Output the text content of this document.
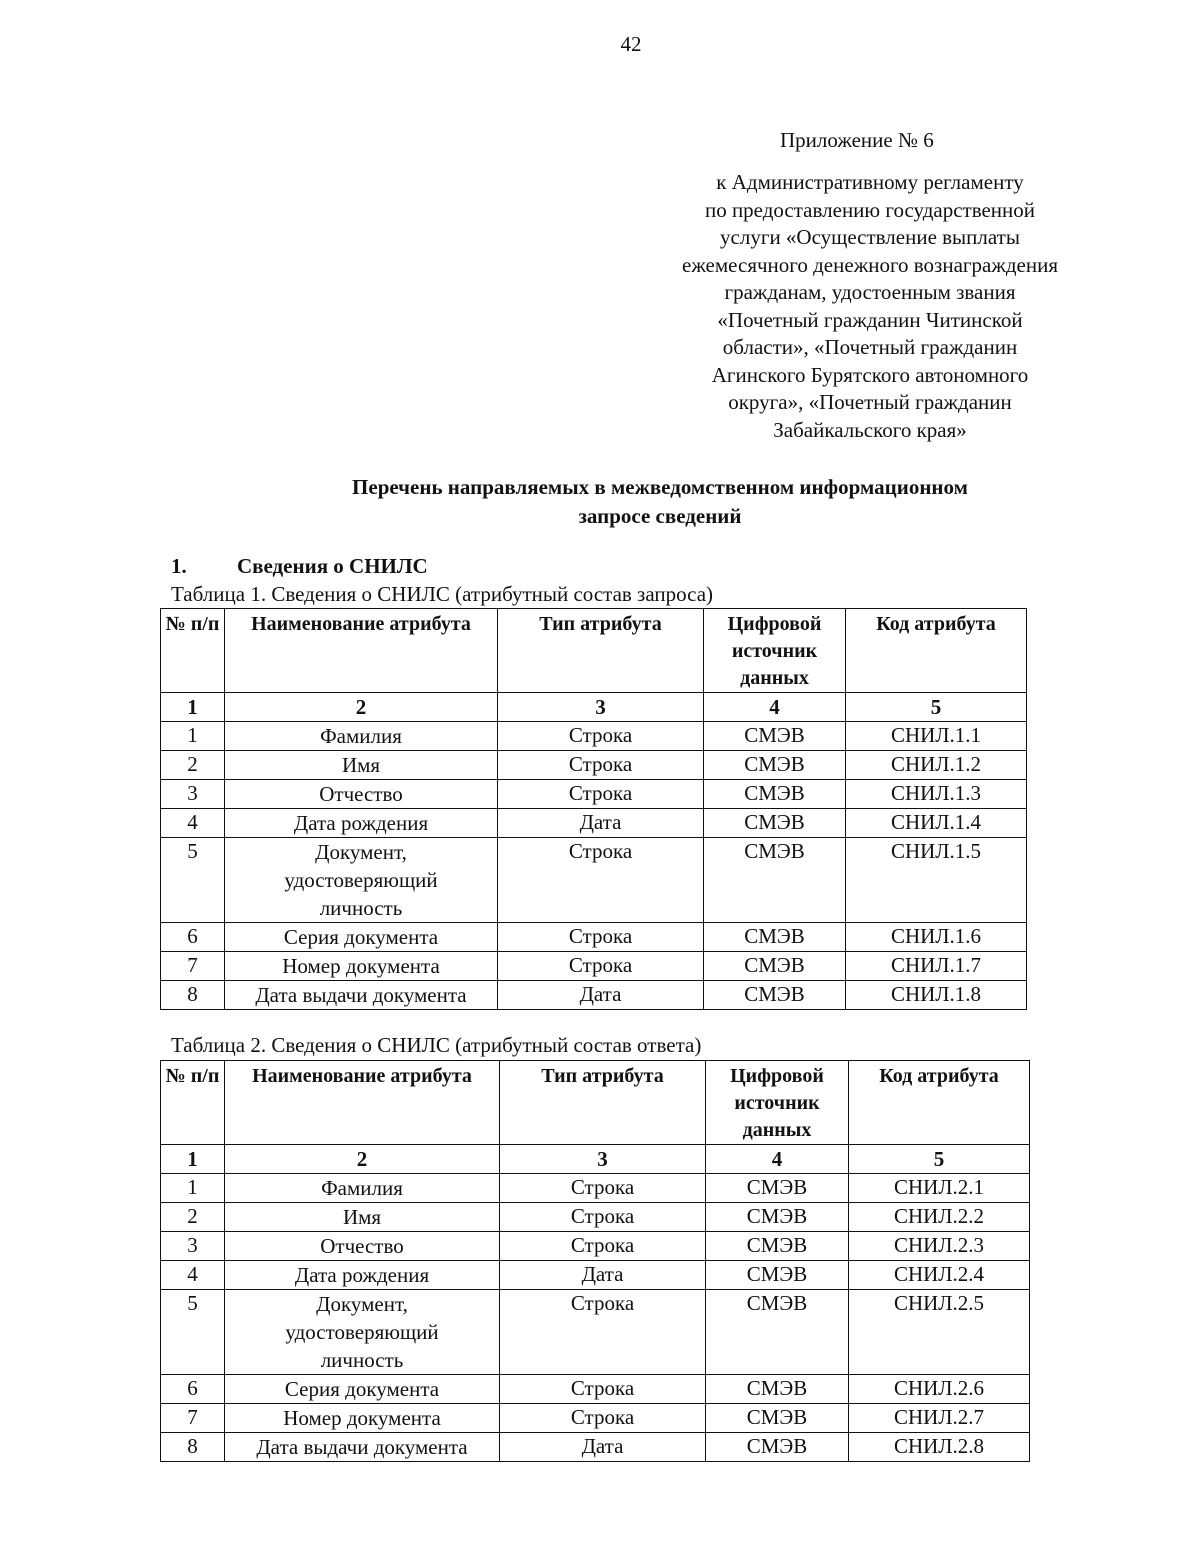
42
Приложение № 6
к Административному регламенту
по предоставлению государственной
услуги «Осуществление выплаты
ежемесячного денежного вознаграждения
гражданам, удостоенным звания
«Почетный гражданин Читинской
области», «Почетный гражданин
Агинского Бурятского автономного
округа», «Почетный гражданин
Забайкальского края»
Перечень направляемых в межведомственном информационном
запросе сведений
1. Сведения о СНИЛС
Таблица 1. Сведения о СНИЛС (атрибутный состав запроса)
№ п/п	Наименование атрибута	Тип атрибута	Цифровой источник данных	Код атрибута
1	2	3	4	5
1	Фамилия	Строка	СМЭВ	СНИЛ.1.1
2	Имя	Строка	СМЭВ	СНИЛ.1.2
3	Отчество	Строка	СМЭВ	СНИЛ.1.3
4	Дата рождения	Дата	СМЭВ	СНИЛ.1.4
5	Документ,
удостоверяющий
личность	Строка	СМЭВ	СНИЛ.1.5
6	Серия документа	Строка	СМЭВ	СНИЛ.1.6
7	Номер документа	Строка	СМЭВ	СНИЛ.1.7
8	Дата выдачи документа	Дата	СМЭВ	СНИЛ.1.8
Таблица 2. Сведения о СНИЛС (атрибутный состав ответа)
№ п/п	Наименование атрибута	Тип атрибута	Цифровой источник данных	Код атрибута
1	2	3	4	5
1	Фамилия	Строка	СМЭВ	СНИЛ.2.1
2	Имя	Строка	СМЭВ	СНИЛ.2.2
3	Отчество	Строка	СМЭВ	СНИЛ.2.3
4	Дата рождения	Дата	СМЭВ	СНИЛ.2.4
5	Документ,
удостоверяющий
личность	Строка	СМЭВ	СНИЛ.2.5
6	Серия документа	Строка	СМЭВ	СНИЛ.2.6
7	Номер документа	Строка	СМЭВ	СНИЛ.2.7
8	Дата выдачи документа	Дата	СМЭВ	СНИЛ.2.8
